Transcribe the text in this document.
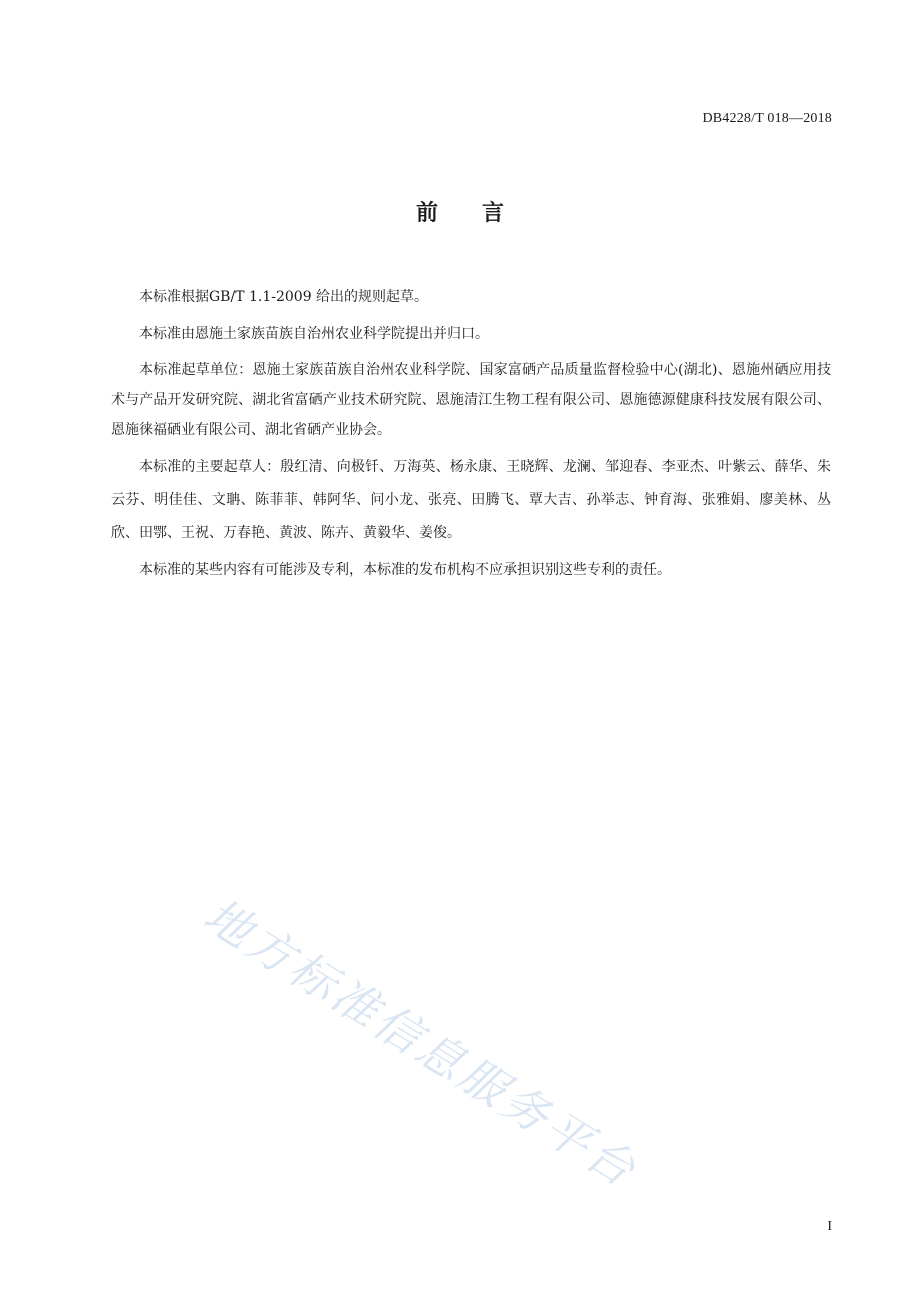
DB4228/T 018—2018
前言

本标准根据GB/T 1.1-2009 给出的规则起草。

本标准由恩施土家族苗族自治州农业科学院提出并归口。

本标准起草单位：恩施土家族苗族自治州农业科学院、国家富硒产品质量监督检验中心(湖北)、恩施州硒应用技术与产品开发研究院、湖北省富硒产业技术研究院、恩施清江生物工程有限公司、恩施德源健康科技发展有限公司、恩施徕福硒业有限公司、湖北省硒产业协会。

本标准的主要起草人：殷红清、向极钎、万海英、杨永康、王晓辉、龙澜、邹迎春、李亚杰、叶紫云、薛华、朱云芬、明佳佳、文聃、陈菲菲、韩阿华、问小龙、张亮、田腾飞、覃大吉、孙举志、钟育海、张雅娟、廖美林、丛欣、田鄂、王祝、万春艳、黄波、陈卉、黄毅华、姜俊。

本标准的某些内容有可能涉及专利，本标准的发布机构不应承担识别这些专利的责任。

地方标准信息服务平台
I
